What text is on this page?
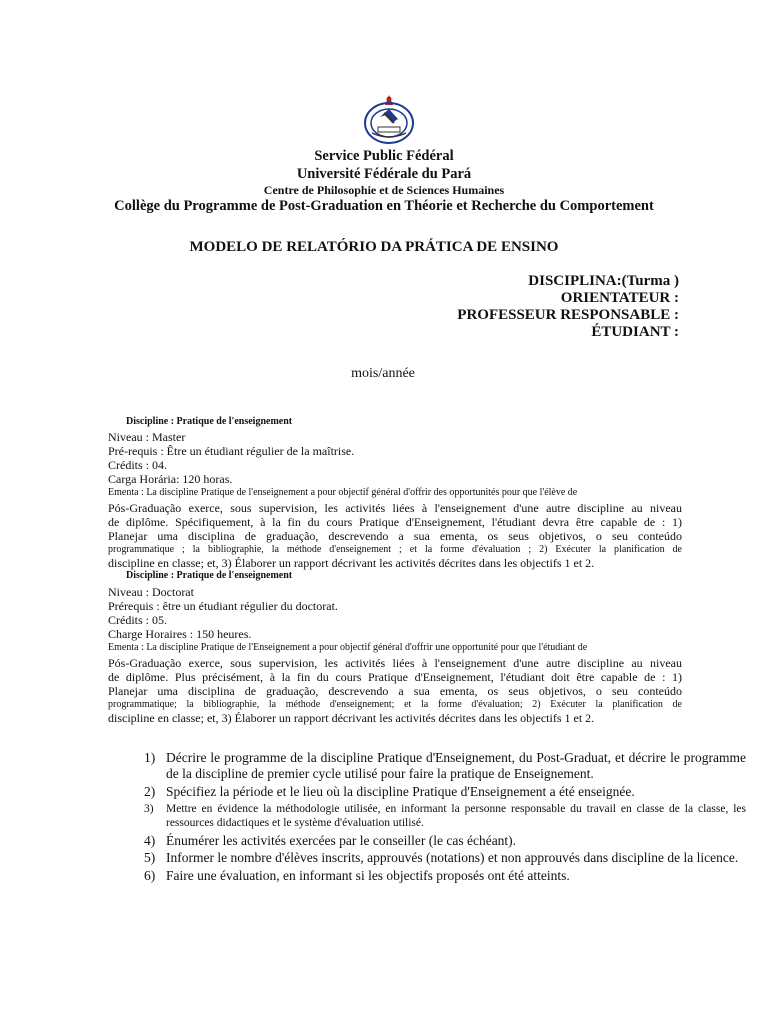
Service Public Fédéral
Université Fédérale du Pará
Centre de Philosophie et de Sciences Humaines
Collège du Programme de Post-Graduation en Théorie et Recherche du Comportement
MODELO DE RELATÓRIO DA PRÁTICA DE ENSINO
DISCIPLINA:(Turma )
ORIENTATEUR :
PROFESSEUR RESPONSABLE :
ÉTUDIANT :
mois/année
Discipline : Pratique de l'enseignement
Niveau : Master
Pré-requis : Être un étudiant régulier de la maîtrise.
Crédits : 04.
Carga Horária: 120 horas.
Ementa : La discipline Pratique de l'enseignement a pour objectif général d'offrir des opportunités pour que l'élève de
Pós-Graduação exerce, sous supervision, les activités liées à l'enseignement d'une autre discipline au niveau
de diplôme. Spécifiquement, à la fin du cours Pratique d'Enseignement, l'étudiant devra être capable de : 1)
Planejar uma disciplina de graduação, descrevendo a sua ementa, os seus objetivos, o seu conteúdo
programmatique ; la bibliographie, la méthode d'enseignement ; et la forme d'évaluation ; 2) Exécuter la planification de
discipline en classe; et, 3) Élaborer un rapport décrivant les activités décrites dans les objectifs 1 et 2.
Discipline : Pratique de l'enseignement
Niveau : Doctorat
Prérequis : être un étudiant régulier du doctorat.
Crédits : 05.
Charge Horaires : 150 heures.
Ementa : La discipline Pratique de l'Enseignement a pour objectif général d'offrir une opportunité pour que l'étudiant de
Pós-Graduação exerce, sous supervision, les activités liées à l'enseignement d'une autre discipline au niveau
de diplôme. Plus précisément, à la fin du cours Pratique d'Enseignement, l'étudiant doit être capable de : 1)
Planejar uma disciplina de graduação, descrevendo a sua ementa, os seus objetivos, o seu conteúdo
programmatique; la bibliographie, la méthode d'enseignement; et la forme d'évaluation; 2) Exécuter la planification de
discipline en classe; et, 3) Élaborer un rapport décrivant les activités décrites dans les objectifs 1 et 2.
1) Décrire le programme de la discipline Pratique d'Enseignement, du Post-Graduat, et décrire le programme de la discipline de premier cycle utilisé pour faire la pratique de Enseignement.
2) Spécifiez la période et le lieu où la discipline Pratique d'Enseignement a été enseignée.
3)	Mettre en évidence la méthodologie utilisée, en informant la personne responsable du travail en classe de la classe, les ressources didactiques et le système d'évaluation utilisé.
4) Énumérer les activités exercées par le conseiller (le cas échéant).
5) Informer le nombre d'élèves inscrits, approuvés (notations) et non approuvés dans discipline de la licence.
6) Faire une évaluation, en informant si les objectifs proposés ont été atteints.
